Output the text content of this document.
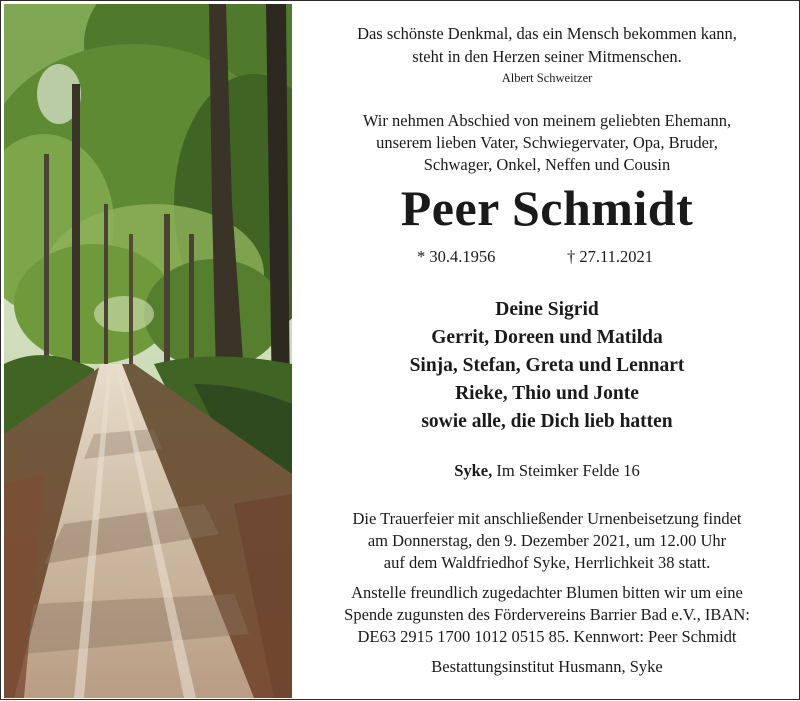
Das schönste Denkmal, das ein Mensch bekommen kann,
steht in den Herzen seiner Mitmenschen.
Albert Schweitzer
Wir nehmen Abschied von meinem geliebten Ehemann,
unserem lieben Vater, Schwiegervater, Opa, Bruder,
Schwager, Onkel, Neffen und Cousin
Peer Schmidt
* 30.4.1956	† 27.11.2021
Deine Sigrid
Gerrit, Doreen und Matilda
Sinja, Stefan, Greta und Lennart
Rieke, Thio und Jonte
sowie alle, die Dich lieb hatten
Syke, Im Steimker Felde 16
Die Trauerfeier mit anschließender Urnenbeisetzung findet
am Donnerstag, den 9. Dezember 2021, um 12.00 Uhr
auf dem Waldfriedhof Syke, Herrlichkeit 38 statt.
Anstelle freundlich zugedachter Blumen bitten wir um eine
Spende zugunsten des Fördervereins Barrier Bad e.V., IBAN:
DE63 2915 1700 1012 0515 85. Kennwort: Peer Schmidt
Bestattungsinstitut Husmann, Syke
